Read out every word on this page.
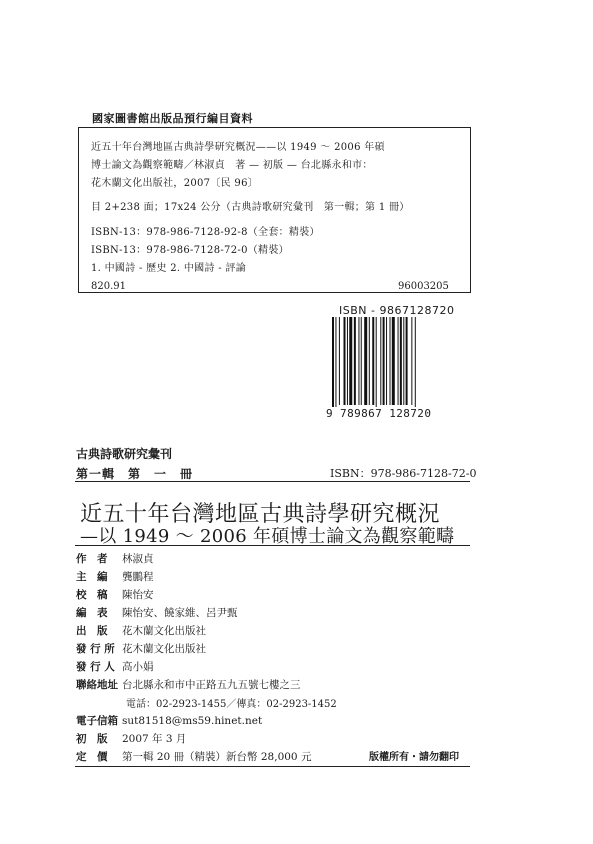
國家圖書館出版品預行編目資料
近五十年台灣地區古典詩學研究概況——以 1949 ～ 2006 年碩
博士論文為觀察範疇／林淑貞　著 — 初版 — 台北縣永和市：
花木蘭文化出版社，2007〔民 96〕
目 2+238 面；17x24 公分（古典詩歌研究彙刊　第一輯；第 1 冊）
ISBN-13：978-986-7128-92-8（全套：精裝）
ISBN-13：978-986-7128-72-0（精裝）
1. 中國詩 - 歷史 2. 中國詩 - 評論
820.91	96003205
ISBN - 9867128720
9 789867 128720
古典詩歌研究彙刊
第一輯　第　一　冊	ISBN：978-986-7128-72-0
近五十年台灣地區古典詩學研究概況
—以 1949 ～ 2006 年碩博士論文為觀察範疇
作　者 林淑貞
主　編 龔鵬程
校　稿 陳怡安
編　表 陳怡安、饒家維、呂尹甄
出　版 花木蘭文化出版社
發 行 所 花木蘭文化出版社
發 行 人 高小娟
聯絡地址 台北縣永和市中正路五九五號七樓之三
電話：02-2923-1455／傳真：02-2923-1452
電子信箱 sut81518@ms59.hinet.net
初　版 2007 年 3 月
定　價 第一輯 20 冊（精裝）新台幣 28,000 元	版權所有・請勿翻印
